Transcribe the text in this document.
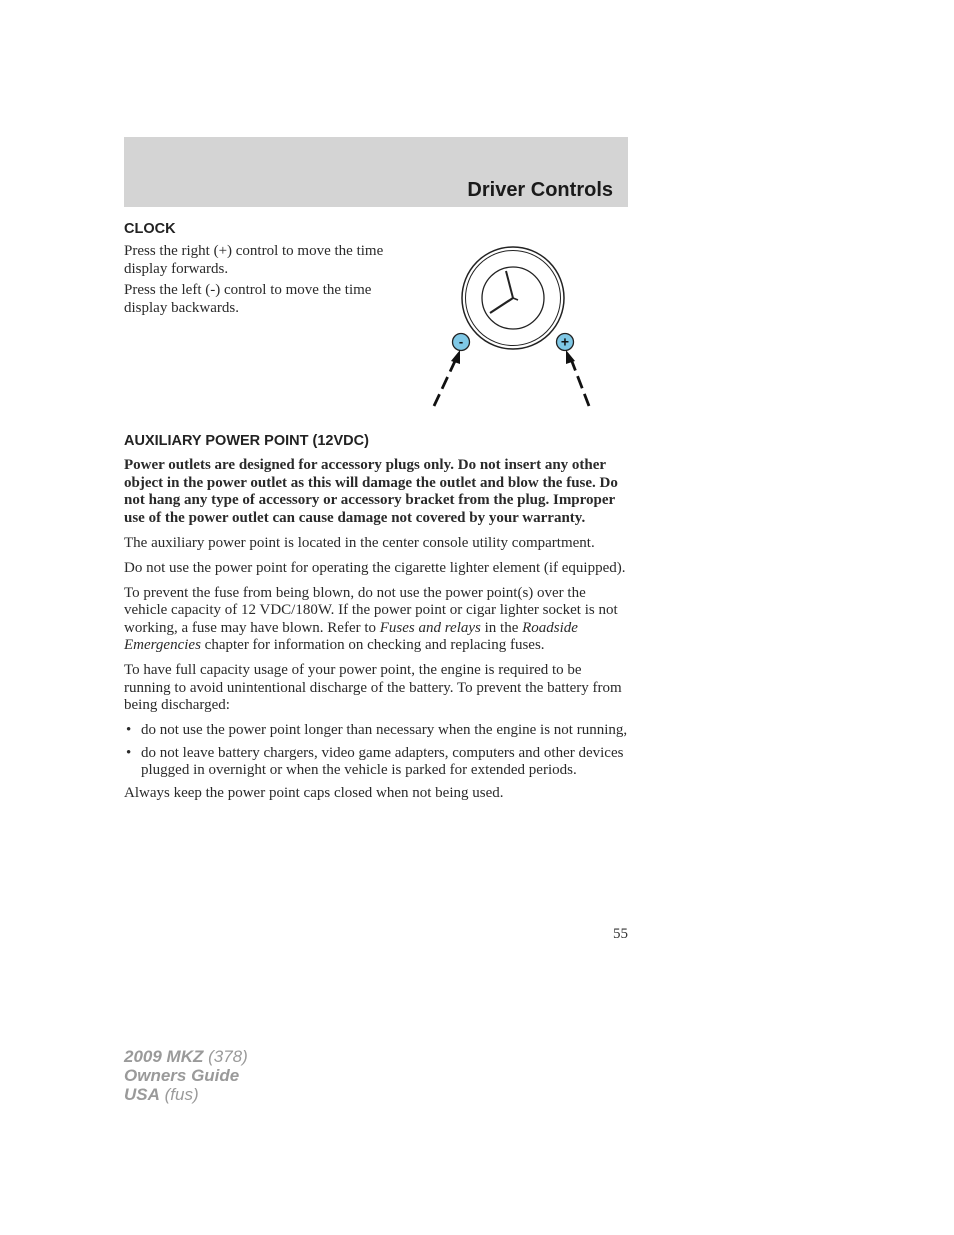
Driver Controls
CLOCK

Press the right (+) control to move the time display forwards.

Press the left (-) control to move the time display backwards.

-	+
AUXILIARY POWER POINT (12VDC)

Power outlets are designed for accessory plugs only. Do not insert any other object in the power outlet as this will damage the outlet and blow the fuse. Do not hang any type of accessory or accessory bracket from the plug. Improper use of the power outlet can cause damage not covered by your warranty.

The auxiliary power point is located in the center console utility compartment.

Do not use the power point for operating the cigarette lighter element (if equipped).

To prevent the fuse from being blown, do not use the power point(s) over the vehicle capacity of 12 VDC/180W. If the power point or cigar lighter socket is not working, a fuse may have blown. Refer to Fuses and relays in the Roadside Emergencies chapter for information on checking and replacing fuses.

To have full capacity usage of your power point, the engine is required to be running to avoid unintentional discharge of the battery. To prevent the battery from being discharged:

• do not use the power point longer than necessary when the engine is not running,
• do not leave battery chargers, video game adapters, computers and other devices plugged in overnight or when the vehicle is parked for extended periods.

Always keep the power point caps closed when not being used.

55
2009 MKZ (378)
Owners Guide
USA (fus)
